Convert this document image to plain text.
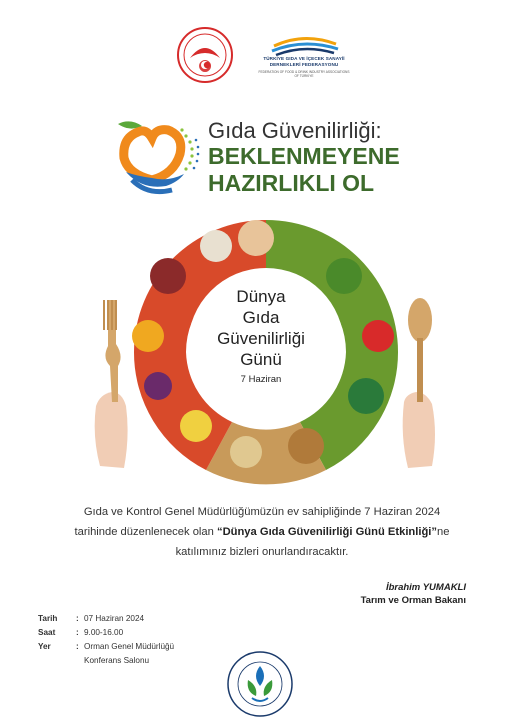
TÜRKİYE GIDA VE İÇECEK SANAYİİ DERNEKLERİ FEDERASYONU
FEDERATION OF FOOD & DRINK INDUSTRY ASSOCIATIONS OF TÜRKİYE
Gıda Güvenilirliği:
BEKLENMEYENE
HAZIRLIKLI OL
Dünya
Gıda
Güvenilirliği
Günü
7 Haziran
Gıda ve Kontrol Genel Müdürlüğümüzün ev sahipliğinde 7 Haziran 2024
tarihinde düzenlenecek olan “Dünya Gıda Güvenilirliği Günü Etkinliği”ne
katılımınız bizleri onurlandıracaktır.
İbrahim YUMAKLI
Tarım ve Orman Bakanı
Tarih	: 07 Haziran 2024
Saat	: 9.00-16.00
Yer	: Orman Genel Müdürlüğü
Konferans Salonu
